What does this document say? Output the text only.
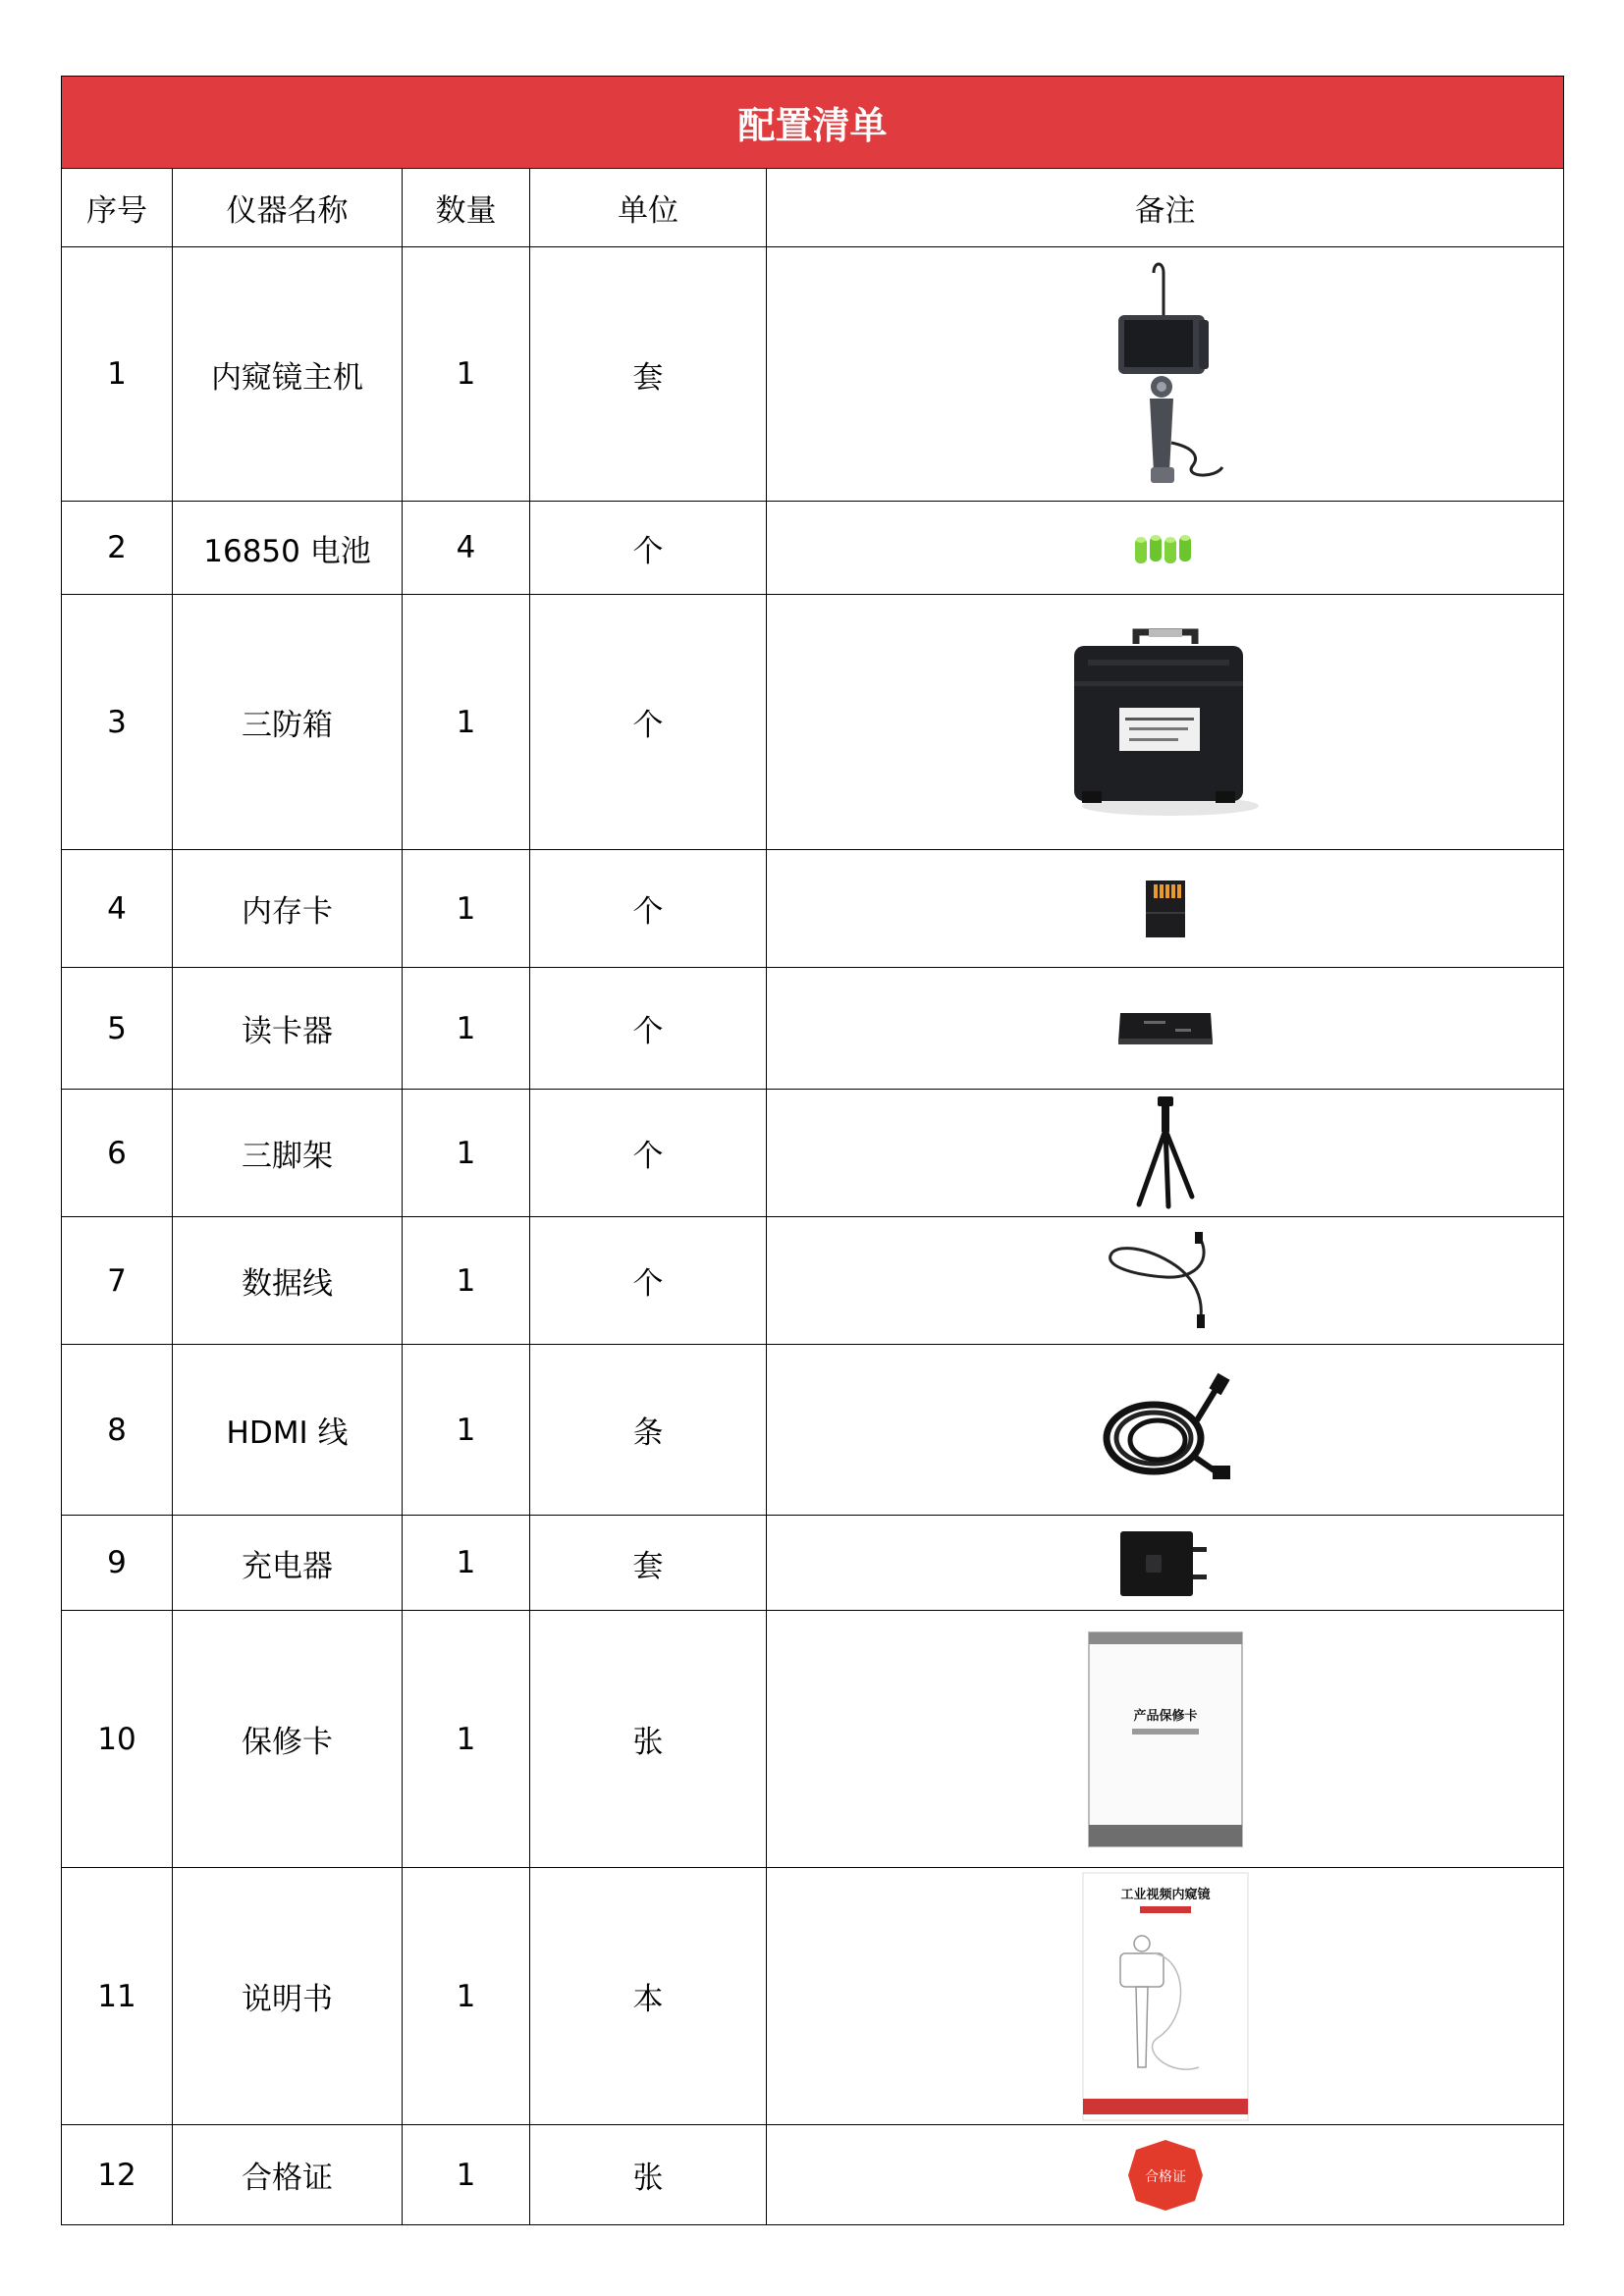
配置清单				
序号	仪器名称	数量	单位	备注
1	内窥镜主机	1	套	

2	16850 电池	4	个	

3	三防箱	1	个	

4	内存卡	1	个	

5	读卡器	1	个	

6	三脚架	1	个	

7	数据线	1	个	

8	HDMI 线	1	条	

9	充电器	1	套	

10	保修卡	1	张	产品保修卡

11	说明书	1	本	工业视频内窥镜

12	合格证	1	张	合格证
